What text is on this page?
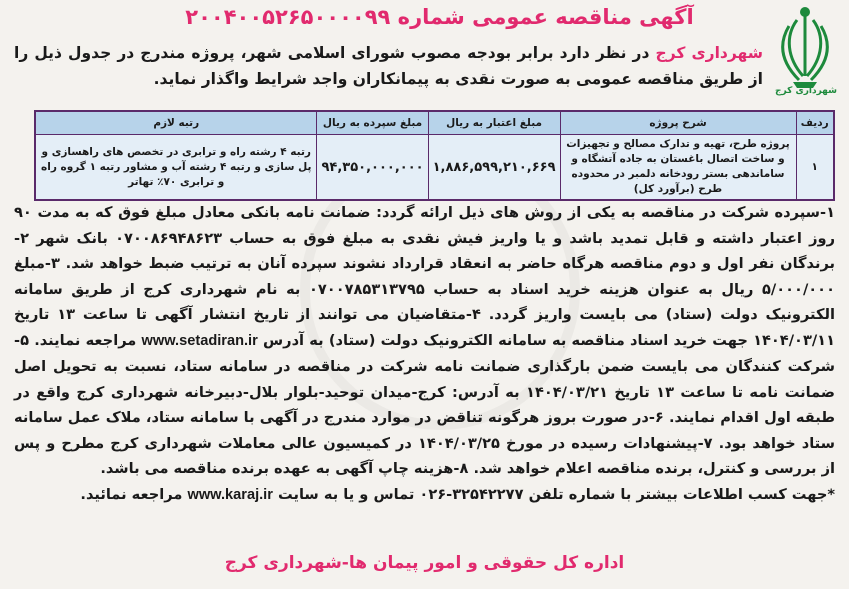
شهرداری کرج
آگهی مناقصه عمومی شماره ۲۰۰۴۰۰۵۲۶۵۰۰۰۰۹۹
شهرداری کرج در نظر دارد برابر بودجه مصوب شورای اسلامی شهر، پروژه مندرج در جدول ذیل را از طریق مناقصه عمومی به صورت نقدی به پیمانکاران واجد شرایط واگذار نماید.
ردیف	شرح پروژه	مبلغ اعتبار به ریال	مبلغ سپرده به ریال	رتبه لازم
۱	پروژه طرح، تهیه و تدارک مصالح و تجهیزات و ساخت اتصال باغستان به جاده آتشگاه و ساماندهی بستر رودخانه دلمبر در محدوده طرح (برآورد کل)	۱,۸۸۶,۵۹۹,۲۱۰,۶۶۹	۹۴,۳۵۰,۰۰۰,۰۰۰	رتبه ۴ رشته راه و ترابری در تخصص های راهسازی و پل سازی و رتبه ۴ رشته آب و مشاور رتبه ۱ گروه راه و ترابری ۷۰٪ تهاتر
۱-سپرده شرکت در مناقصه به یکی از روش های ذیل ارائه گردد: ضمانت نامه بانکی معادل مبلغ فوق که به مدت ۹۰ روز اعتبار داشته و قابل تمدید باشد و یا واریز فیش نقدی به مبلغ فوق به حساب ۰۷۰۰۸۶۹۴۸۶۲۳ بانک شهر ۲-برندگان نفر اول و دوم مناقصه هرگاه حاضر به انعقاد قرارداد نشوند سپرده آنان به ترتیب ضبط خواهد شد. ۳-مبلغ ۵/۰۰۰/۰۰۰ ریال به عنوان هزینه خرید اسناد به حساب ۰۷۰۰۷۸۵۳۱۳۷۹۵ به نام شهرداری کرج از طریق سامانه الکترونیک دولت (ستاد) می بایست واریز گردد. ۴-متقاضیان می توانند از تاریخ انتشار آگهی تا ساعت ۱۳ تاریخ ۱۴۰۴/۰۳/۱۱ جهت خرید اسناد مناقصه به سامانه الکترونیک دولت (ستاد) به آدرس www.setadiran.ir مراجعه نمایند. ۵-شرکت کنندگان می بایست ضمن بارگذاری ضمانت نامه شرکت در مناقصه در سامانه ستاد، نسبت به تحویل اصل ضمانت نامه تا ساعت ۱۳ تاریخ ۱۴۰۴/۰۳/۲۱ به آدرس: کرج-میدان توحید-بلوار بلال-دبیرخانه شهرداری کرج واقع در طبقه اول اقدام نمایند. ۶-در صورت بروز هرگونه تناقض در موارد مندرج در آگهی با سامانه ستاد، ملاک عمل سامانه ستاد خواهد بود. ۷-پیشنهادات رسیده در مورخ ۱۴۰۴/۰۳/۲۵ در کمیسیون عالی معاملات شهرداری کرج مطرح و پس از بررسی و کنترل، برنده مناقصه اعلام خواهد شد. ۸-هزینه چاپ آگهی به عهده برنده مناقصه می باشد.
*جهت کسب اطلاعات بیشتر با شماره تلفن ۳۲۵۴۲۲۷۷-۰۲۶ تماس و یا به سایت www.karaj.ir مراجعه نمائید.
اداره کل حقوقی و امور پیمان ها-شهرداری کرج
